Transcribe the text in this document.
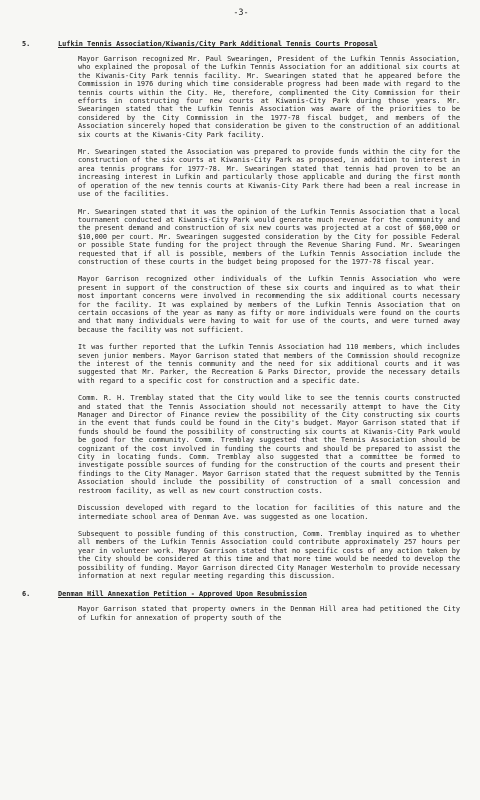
-3-
5.	Lufkin Tennis Association/Kiwanis/City Park Additional Tennis Courts Proposal

Mayor Garrison recognized Mr. Paul Swearingen, President of the Lufkin Tennis Association, who explained the proposal of the Lufkin Tennis Association for an additional six courts at the Kiwanis-City Park tennis facility. Mr. Swearingen stated that he appeared before the Commission in 1976 during which time considerable progress had been made with regard to the tennis courts within the City. He, therefore, complimented the City Commission for their efforts in constructing four new courts at Kiwanis-City Park during those years. Mr. Swearingen stated that the Lufkin Tennis Association was aware of the priorities to be considered by the City Commission in the 1977-78 fiscal budget, and members of the Association sincerely hoped that consideration be given to the construction of an additional six courts at the Kiwanis-City Park facility.

Mr. Swearingen stated the Association was prepared to provide funds within the city for the construction of the six courts at Kiwanis-City Park as proposed, in addition to interest in area tennis programs for 1977-78. Mr. Swearingen stated that tennis had proven to be an increasing interest in Lufkin and particularly those applicable and during the first month of operation of the new tennis courts at Kiwanis-City Park there had been a real increase in use of the facilities.

Mr. Swearingen stated that it was the opinion of the Lufkin Tennis Association that a local tournament conducted at Kiwanis-City Park would generate much revenue for the community and the present demand and construction of six new courts was projected at a cost of $60,000 or $10,000 per court. Mr. Swearingen suggested consideration by the City for possible Federal or possible State funding for the project through the Revenue Sharing Fund. Mr. Swearingen requested that if all is possible, members of the Lufkin Tennis Association include the construction of these courts in the budget being proposed for the 1977-78 fiscal year.

Mayor Garrison recognized other individuals of the Lufkin Tennis Association who were present in support of the construction of these six courts and inquired as to what their most important concerns were involved in recommending the six additional courts necessary for the facility. It was explained by members of the Lufkin Tennis Association that on certain occasions of the year as many as fifty or more individuals were found on the courts and that many individuals were having to wait for use of the courts, and were turned away because the facility was not sufficient.

It was further reported that the Lufkin Tennis Association had 110 members, which includes seven junior members. Mayor Garrison stated that members of the Commission should recognize the interest of the tennis community and the need for six additional courts and it was suggested that Mr. Parker, the Recreation & Parks Director, provide the necessary details with regard to a specific cost for construction and a specific date.

Comm. R. H. Tremblay stated that the City would like to see the tennis courts constructed and stated that the Tennis Association should not necessarily attempt to have the City Manager and Director of Finance review the possibility of the City constructing six courts in the event that funds could be found in the City's budget. Mayor Garrison stated that if funds should be found the possibility of constructing six courts at Kiwanis-City Park would be good for the community. Comm. Tremblay suggested that the Tennis Association should be cognizant of the cost involved in funding the courts and should be prepared to assist the City in locating funds. Comm. Tremblay also suggested that a committee be formed to investigate possible sources of funding for the construction of the courts and present their findings to the City Manager. Mayor Garrison stated that the request submitted by the Tennis Association should include the possibility of construction of a small concession and restroom facility, as well as new court construction costs.

Discussion developed with regard to the location for facilities of this nature and the intermediate school area of Denman Ave. was suggested as one location.

Subsequent to possible funding of this construction, Comm. Tremblay inquired as to whether all members of the Lufkin Tennis Association could contribute approximately 257 hours per year in volunteer work. Mayor Garrison stated that no specific costs of any action taken by the City should be considered at this time and that more time would be needed to develop the possibility of funding. Mayor Garrison directed City Manager Westerholm to provide necessary information at next regular meeting regarding this discussion.

6.	Denman Hill Annexation Petition - Approved Upon Resubmission

Mayor Garrison stated that property owners in the Denman Hill area had petitioned the City of Lufkin for annexation of property south of the
